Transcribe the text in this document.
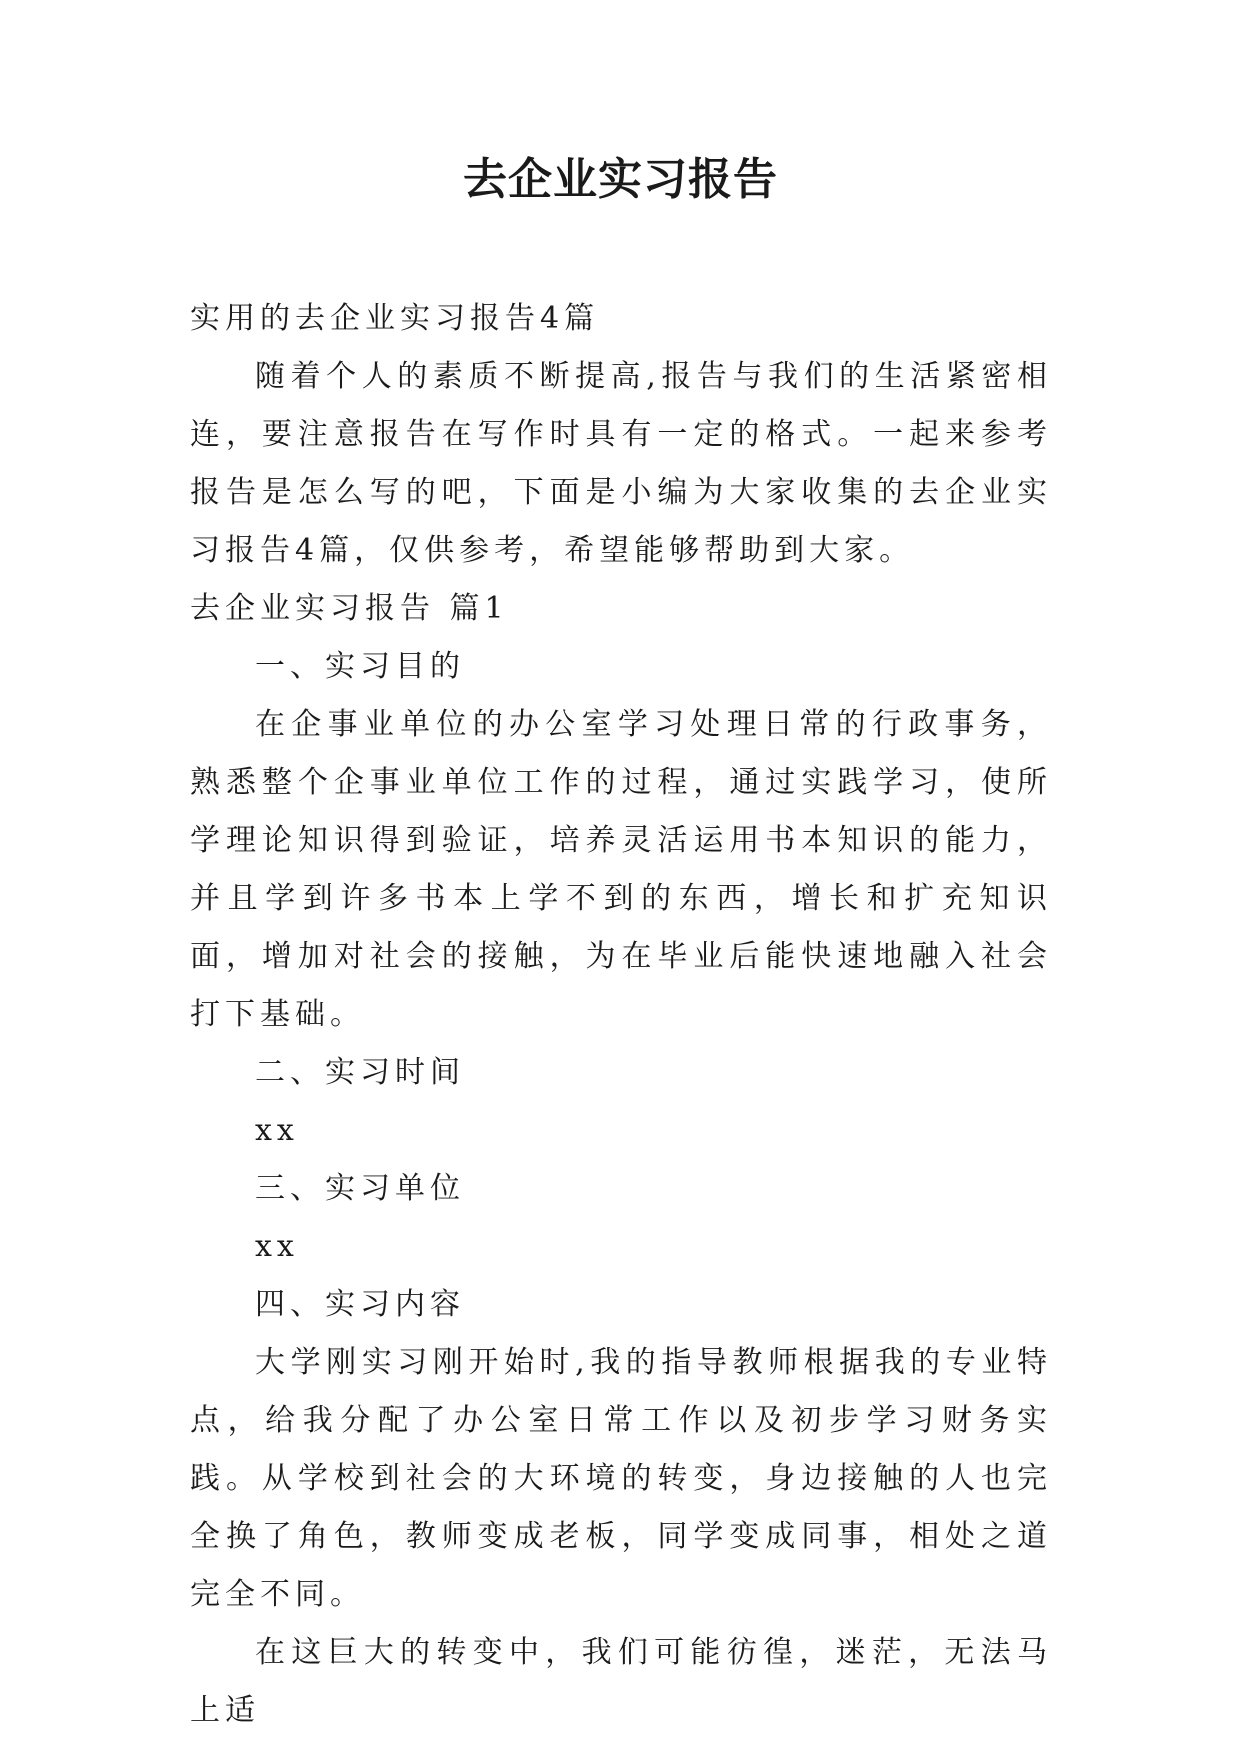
去企业实习报告

实用的去企业实习报告4篇

随着个人的素质不断提高,报告与我们的生活紧密相连，要注意报告在写作时具有一定的格式。一起来参考报告是怎么写的吧，下面是小编为大家收集的去企业实习报告4篇，仅供参考，希望能够帮助到大家。

去企业实习报告 篇1

一、实习目的

在企事业单位的办公室学习处理日常的行政事务，熟悉整个企事业单位工作的过程，通过实践学习，使所学理论知识得到验证，培养灵活运用书本知识的能力，并且学到许多书本上学不到的东西，增长和扩充知识面，增加对社会的接触，为在毕业后能快速地融入社会打下基础。

二、实习时间

xx

三、实习单位

xx

四、实习内容

大学刚实习刚开始时,我的指导教师根据我的专业特点，给我分配了办公室日常工作以及初步学习财务实践。从学校到社会的大环境的转变，身边接触的人也完全换了角色，教师变成老板，同学变成同事，相处之道完全不同。

在这巨大的转变中，我们可能彷徨，迷茫，无法马上适
